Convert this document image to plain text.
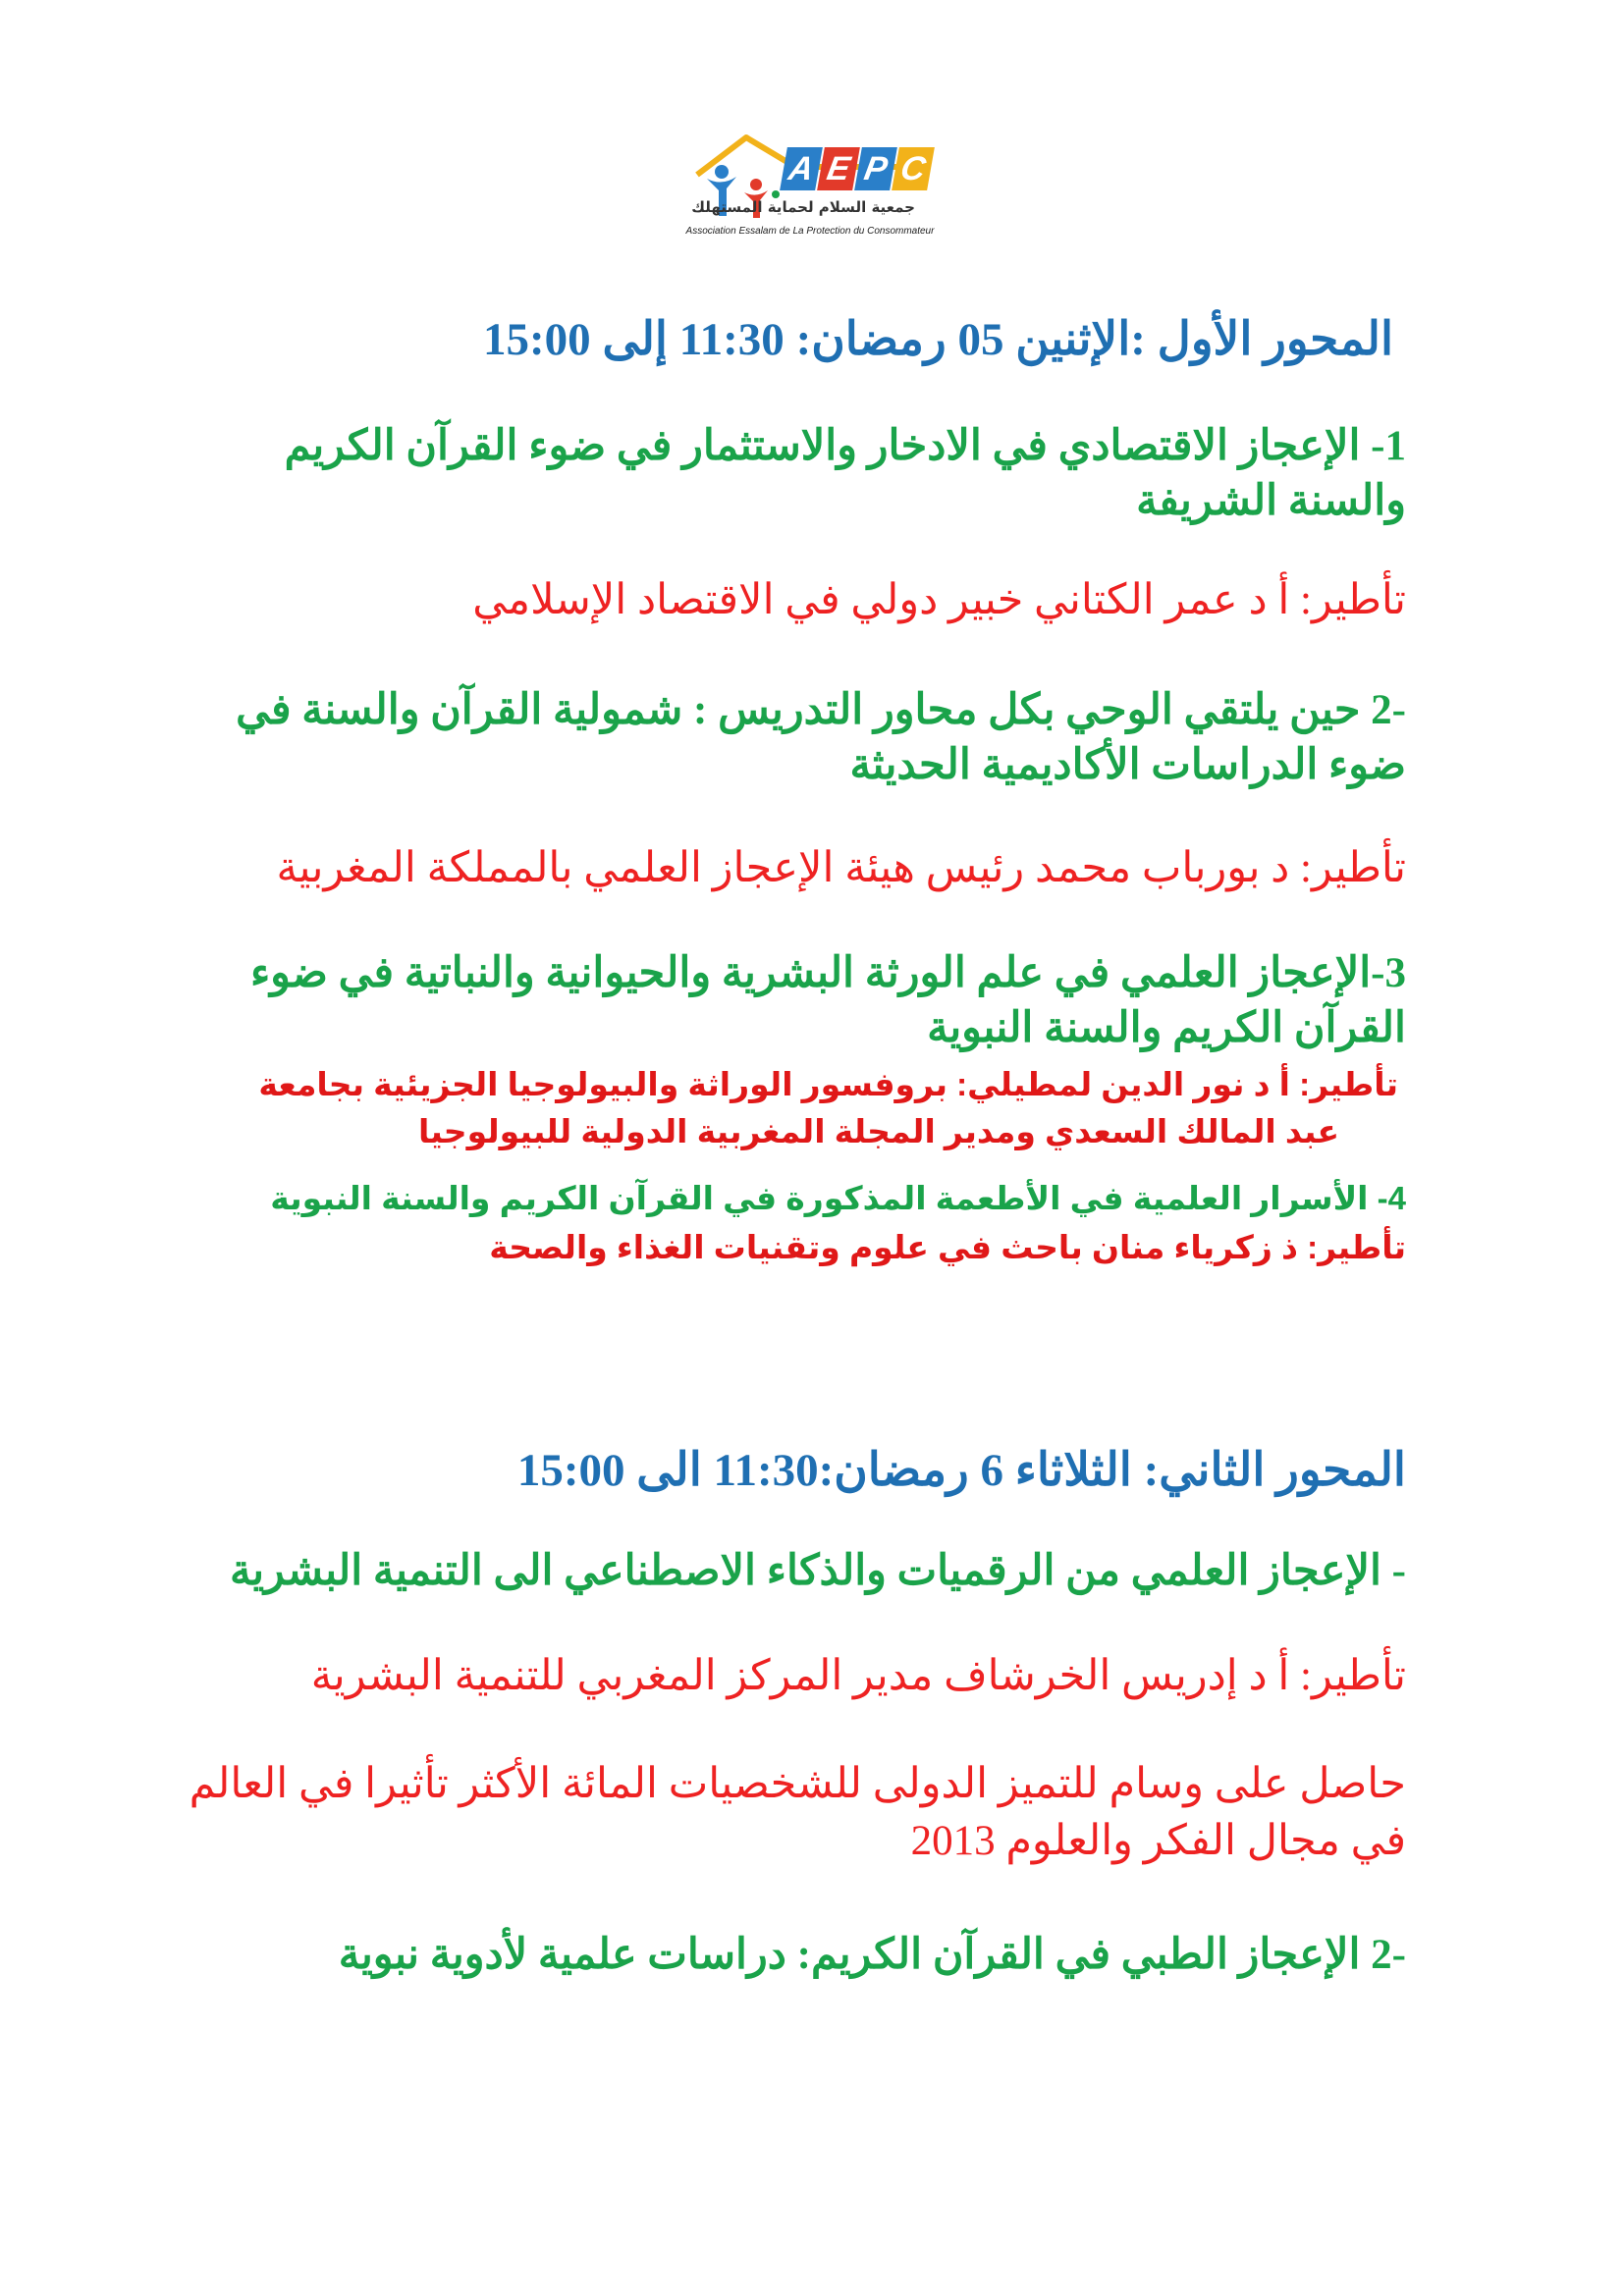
A E P C
جمعية السلام لحماية المستهلك
Association Essalam de La Protection du Consommateur
المحور الأول :الإثنين 05 رمضان: 11:30 إلى 15:00
1- الإعجاز الاقتصادي في الادخار والاستثمار في ضوء القرآن الكريم
والسنة الشريفة
تأطير: أ د عمر الكتاني خبير دولي في الاقتصاد الإسلامي
-2 حين يلتقي الوحي بكل محاور التدريس : شمولية القرآن والسنة في
ضوء الدراسات الأكاديمية الحديثة
تأطير: د بورباب محمد رئيس هيئة الإعجاز العلمي بالمملكة المغربية
3-الإعجاز العلمي في علم الورثة البشرية والحيوانية والنباتية في ضوء
القرآن الكريم والسنة النبوية
تأطير: أ د نور الدين لمطيلي: بروفسور الوراثة والبيولوجيا الجزيئية بجامعة
عبد المالك السعدي ومدير المجلة المغربية الدولية للبيولوجيا
4- الأسرار العلمية في الأطعمة المذكورة في القرآن الكريم والسنة النبوية
تأطير: ذ زكرياء منان باحث في علوم وتقنيات الغذاء والصحة
المحور الثاني: الثلاثاء 6 رمضان:11:30 الى 15:00
- الإعجاز العلمي من الرقميات والذكاء الاصطناعي الى التنمية البشرية
تأطير: أ د إدريس الخرشاف مدير المركز المغربي للتنمية البشرية
حاصل على وسام للتميز الدولى للشخصيات المائة الأكثر تأثيرا في العالم
في مجال الفكر والعلوم 2013
-2 الإعجاز الطبي في القرآن الكريم: دراسات علمية لأدوية نبوية
